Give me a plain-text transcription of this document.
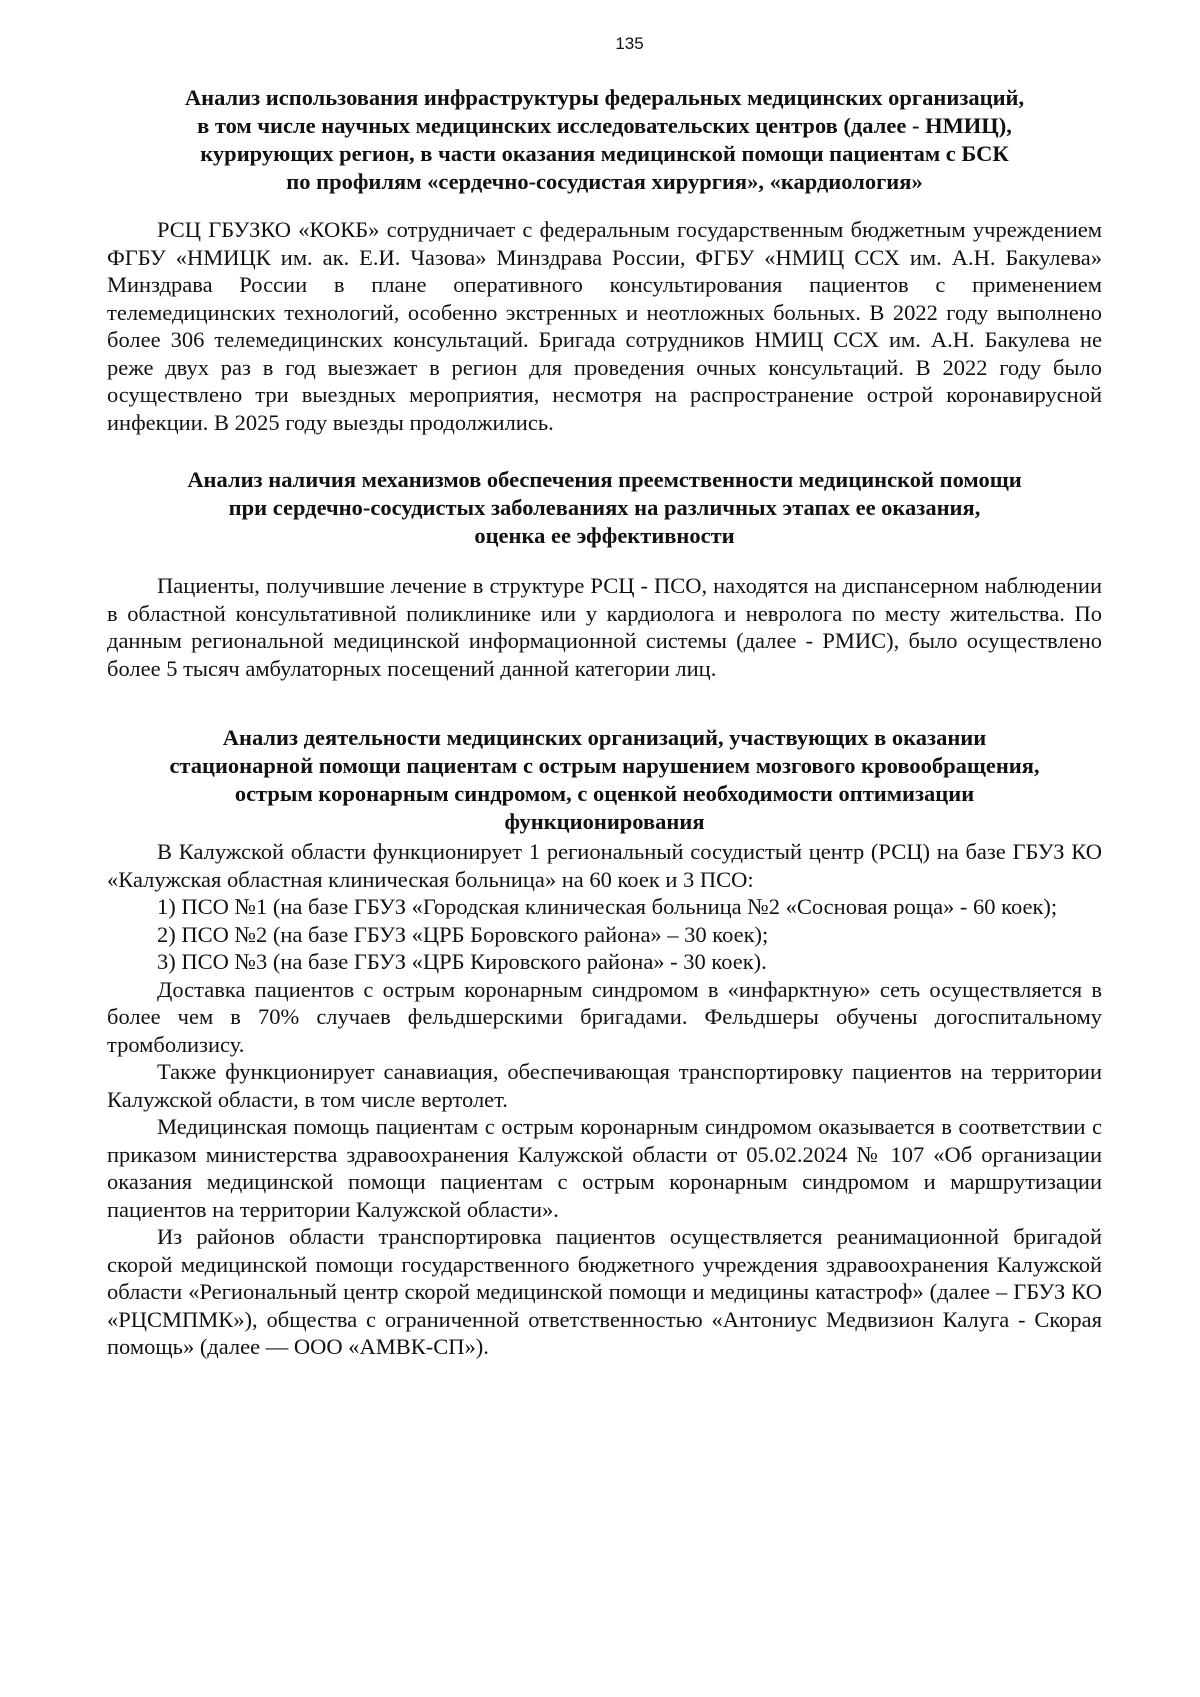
135
Анализ использования инфраструктуры федеральных медицинских организаций,
в том числе научных медицинских исследовательских центров (далее - НМИЦ),
курирующих регион, в части оказания медицинской помощи пациентам с БСК
по профилям «сердечно-сосудистая хирургия», «кардиология»

РСЦ ГБУЗКО «КОКБ» сотрудничает с федеральным государственным бюджетным учреждением ФГБУ «НМИЦК им. ак. Е.И. Чазова» Минздрава России, ФГБУ «НМИЦ ССХ им. А.Н. Бакулева» Минздрава России в плане оперативного консультирования пациентов с применением телемедицинских технологий, особенно экстренных и неотложных больных. В 2022 году выполнено более 306 телемедицинских консультаций. Бригада сотрудников НМИЦ ССХ им. А.Н. Бакулева не реже двух раз в год выезжает в регион для проведения очных консультаций. В 2022 году было осуществлено три выездных мероприятия, несмотря на распространение острой коронавирусной инфекции. В 2025 году выезды продолжились.

Анализ наличия механизмов обеспечения преемственности медицинской помощи
при сердечно-сосудистых заболеваниях на различных этапах ее оказания,
оценка ее эффективности

Пациенты, получившие лечение в структуре РСЦ - ПСО, находятся на диспансерном наблюдении в областной консультативной поликлинике или у кардиолога и невролога по месту жительства. По данным региональной медицинской информационной системы (далее - РМИС), было осуществлено более 5 тысяч амбулаторных посещений данной категории лиц.

Анализ деятельности медицинских организаций, участвующих в оказании
стационарной помощи пациентам с острым нарушением мозгового кровообращения,
острым коронарным синдромом, с оценкой необходимости оптимизации
функционирования

В Калужской области функционирует 1 региональный сосудистый центр (РСЦ) на базе ГБУЗ КО «Калужская областная клиническая больница» на 60 коек и 3 ПСО:

1) ПСО №1 (на базе ГБУЗ «Городская клиническая больница №2 «Сосновая роща» - 60 коек);

2) ПСО №2 (на базе ГБУЗ «ЦРБ Боровского района» – 30 коек);

3) ПСО №3 (на базе ГБУЗ «ЦРБ Кировского района» - 30 коек).

Доставка пациентов с острым коронарным синдромом в «инфарктную» сеть осуществляется в более чем в 70% случаев фельдшерскими бригадами. Фельдшеры обучены догоспитальному тромболизису.

Также функционирует санавиация, обеспечивающая транспортировку пациентов на территории Калужской области, в том числе вертолет.

Медицинская помощь пациентам с острым коронарным синдромом оказывается в соответствии с приказом министерства здравоохранения Калужской области от 05.02.2024 № 107 «Об организации оказания медицинской помощи пациентам с острым коронарным синдромом и маршрутизации пациентов на территории Калужской области».

Из районов области транспортировка пациентов осуществляется реанимационной бригадой скорой медицинской помощи государственного бюджетного учреждения здравоохранения Калужской области «Региональный центр скорой медицинской помощи и медицины катастроф» (далее – ГБУЗ КО «РЦСМПМК»), общества с ограниченной ответственностью «Антониус Медвизион Калуга - Скорая помощь» (далее — ООО «АМВК-СП»).
